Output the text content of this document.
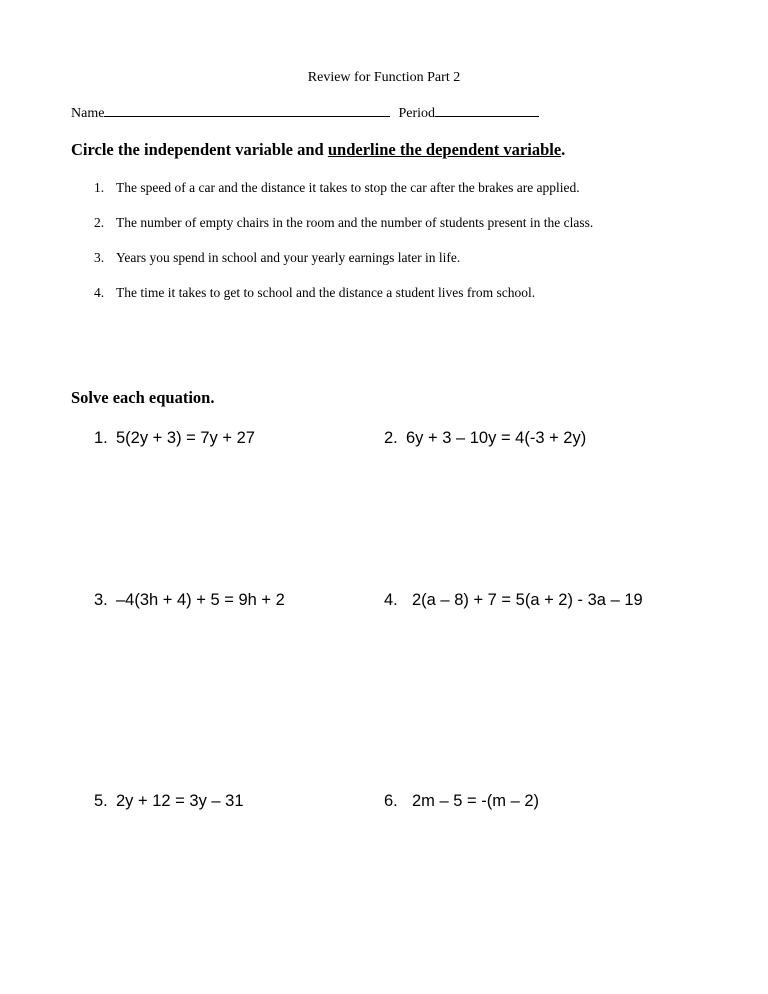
Review for Function Part 2
Name	Period
Circle the independent variable and underline the dependent variable.
1. The speed of a car and the distance it takes to stop the car after the brakes are applied.
2. The number of empty chairs in the room and the number of students present in the class.
3. Years you spend in school and your yearly earnings later in life.
4. The time it takes to get to school and the distance a student lives from school.
Solve each equation.
1. 5(2y + 3) = 7y + 27	2. 6y + 3 – 10y = 4(-3 + 2y)
3. –4(3h + 4) + 5 = 9h + 2	4. 2(a – 8) + 7 = 5(a + 2) - 3a – 19
5. 2y + 12 = 3y – 31	6. 2m – 5 = -(m – 2)
